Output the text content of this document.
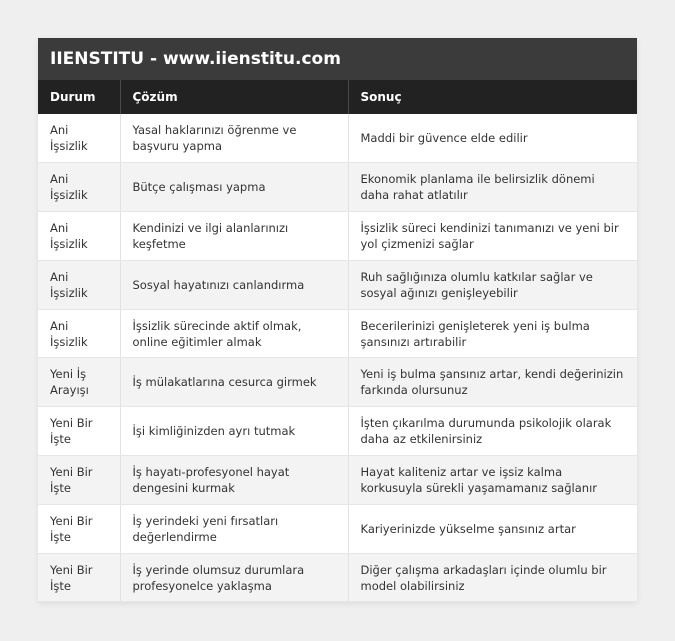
IIENSTITU - www.iienstitu.com
Durum	Çözüm	Sonuç
Ani İşsizlik	Yasal haklarınızı öğrenme ve başvuru yapma	Maddi bir güvence elde edilir
Ani İşsizlik	Bütçe çalışması yapma	Ekonomik planlama ile belirsizlik dönemi daha rahat atlatılır
Ani İşsizlik	Kendinizi ve ilgi alanlarınızı keşfetme	İşsizlik süreci kendinizi tanımanızı ve yeni bir yol çizmenizi sağlar
Ani İşsizlik	Sosyal hayatınızı canlandırma	Ruh sağlığınıza olumlu katkılar sağlar ve sosyal ağınızı genişleyebilir
Ani İşsizlik	İşsizlik sürecinde aktif olmak, online eğitimler almak	Becerilerinizi genişleterek yeni iş bulma şansınızı artırabilir
Yeni İş Arayışı	İş mülakatlarına cesurca girmek	Yeni iş bulma şansınız artar, kendi değerinizin farkında olursunuz
Yeni Bir İşte	İşi kimliğinizden ayrı tutmak	İşten çıkarılma durumunda psikolojik olarak daha az etkilenirsiniz
Yeni Bir İşte	İş hayatı-profesyonel hayat dengesini kurmak	Hayat kaliteniz artar ve işsiz kalma korkusuyla sürekli yaşamamanız sağlanır
Yeni Bir İşte	İş yerindeki yeni fırsatları değerlendirme	Kariyerinizde yükselme şansınız artar
Yeni Bir İşte	İş yerinde olumsuz durumlara profesyonelce yaklaşma	Diğer çalışma arkadaşları içinde olumlu bir model olabilirsiniz
